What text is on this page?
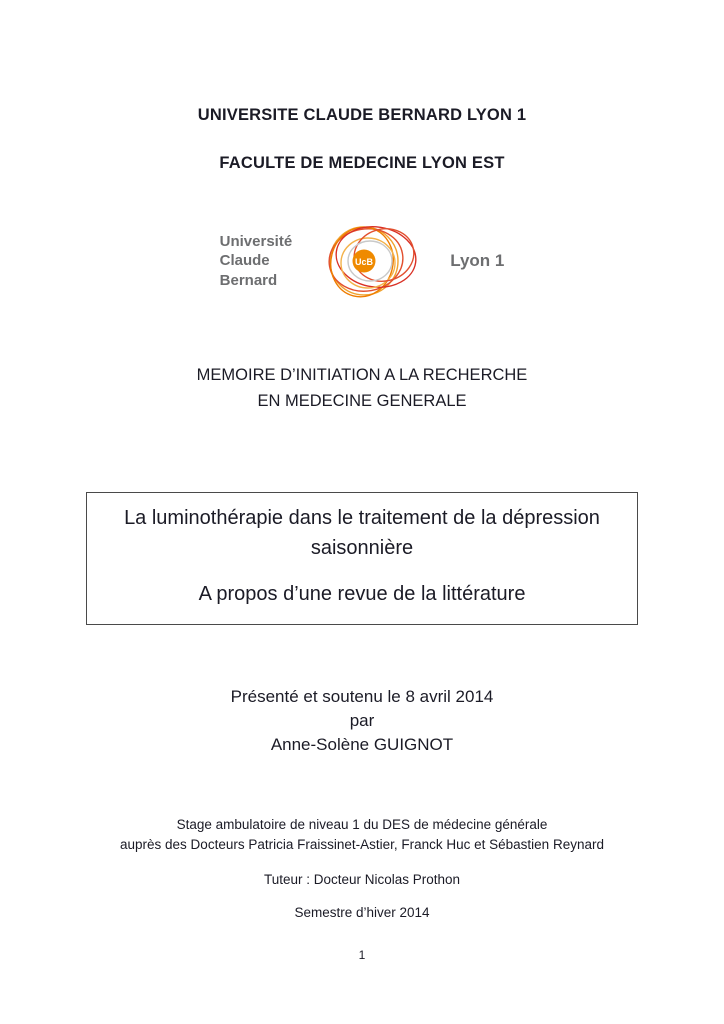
UNIVERSITE CLAUDE BERNARD LYON 1
FACULTE DE MEDECINE LYON EST
Université
Claude
Bernard
UcB	Lyon 1
MEMOIRE D’INITIATION A LA RECHERCHE
EN MEDECINE GENERALE
La luminothérapie dans le traitement de la dépression saisonnière
A propos d’une revue de la littérature
Présenté et soutenu le 8 avril 2014
par
Anne-Solène GUIGNOT
Stage ambulatoire de niveau 1 du DES de médecine générale
auprès des Docteurs Patricia Fraissinet-Astier, Franck Huc et Sébastien Reynard
Tuteur : Docteur Nicolas Prothon
Semestre d’hiver 2014
1
